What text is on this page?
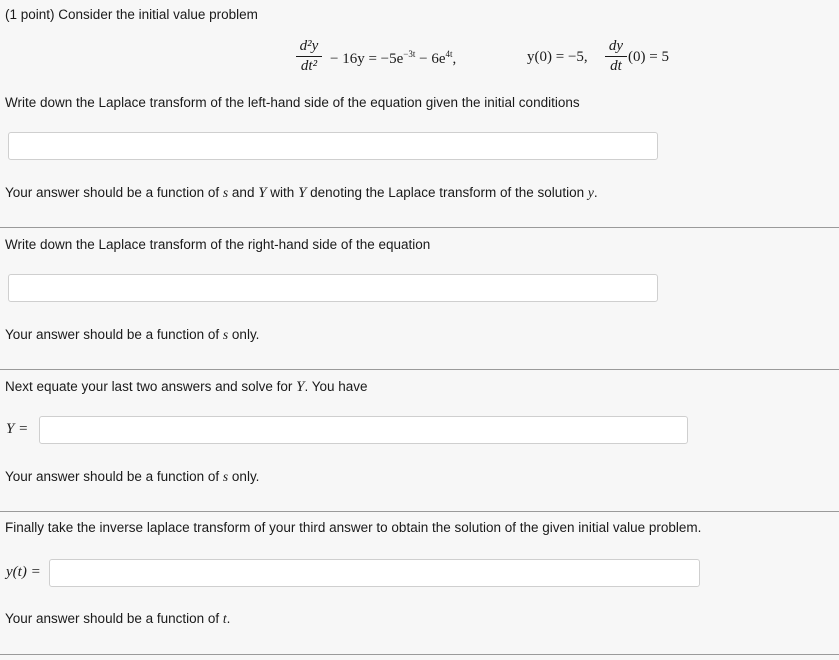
(1 point) Consider the initial value problem
d²y
$dt^2 - 16y = -5e^{-3t} - 6e^{4t}$,	y(0) = −5,
dy
dt
(0) = 5
Write down the Laplace transform of the left-hand side of the equation given the initial conditions
Your answer should be a function of s and Y with Y denoting the Laplace transform of the solution y.
Write down the Laplace transform of the right-hand side of the equation
Your answer should be a function of s only.
Next equate your last two answers and solve for Y. You have
Y =
Your answer should be a function of s only.
Finally take the inverse laplace transform of your third answer to obtain the solution of the given initial value problem.
y(t) =
Your answer should be a function of t.
